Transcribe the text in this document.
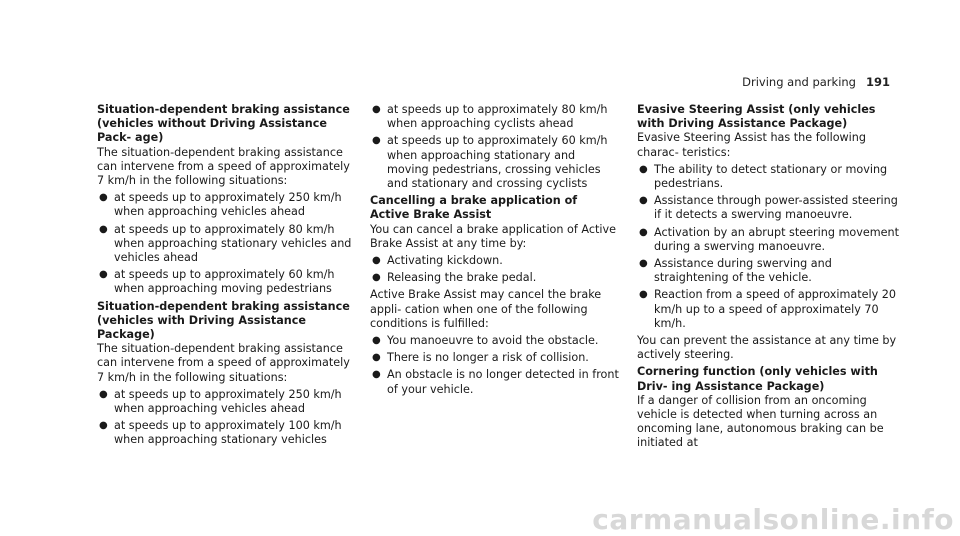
Driving and parking 191

Situation-dependent braking assistance (vehicles without Driving Assistance Pack‐ age)

The situation-dependent braking assistance can intervene from a speed of approximately 7 km/h in the following situations:

● at speeds up to approximately 250 km/h when approaching vehicles ahead
● at speeds up to approximately 80 km/h when approaching stationary vehicles and vehicles ahead
● at speeds up to approximately 60 km/h when approaching moving pedestrians

Situation-dependent braking assistance (vehicles with Driving Assistance Package)

The situation-dependent braking assistance can intervene from a speed of approximately 7 km/h in the following situations:

● at speeds up to approximately 250 km/h when approaching vehicles ahead
● at speeds up to approximately 100 km/h when approaching stationary vehicles
● at speeds up to approximately 80 km/h when approaching cyclists ahead
● at speeds up to approximately 60 km/h when approaching stationary and moving pedestrians, crossing vehicles and stationary and crossing cyclists

Cancelling a brake application of Active Brake Assist

You can cancel a brake application of Active Brake Assist at any time by:

● Activating kickdown.
● Releasing the brake pedal.

Active Brake Assist may cancel the brake appli‐ cation when one of the following conditions is fulfilled:

● You manoeuvre to avoid the obstacle.
● There is no longer a risk of collision.
● An obstacle is no longer detected in front of your vehicle.

Evasive Steering Assist (only vehicles with Driving Assistance Package)

Evasive Steering Assist has the following charac‐ teristics:

● The ability to detect stationary or moving pedestrians.
● Assistance through power-assisted steering if it detects a swerving manoeuvre.
● Activation by an abrupt steering movement during a swerving manoeuvre.
● Assistance during swerving and straightening of the vehicle.
● Reaction from a speed of approximately 20 km/h up to a speed of approximately 70 km/h.

You can prevent the assistance at any time by actively steering.

Cornering function (only vehicles with Driv‐ ing Assistance Package)

If a danger of collision from an oncoming vehicle is detected when turning across an oncoming lane, autonomous braking can be initiated at

carmanualsonline.info
